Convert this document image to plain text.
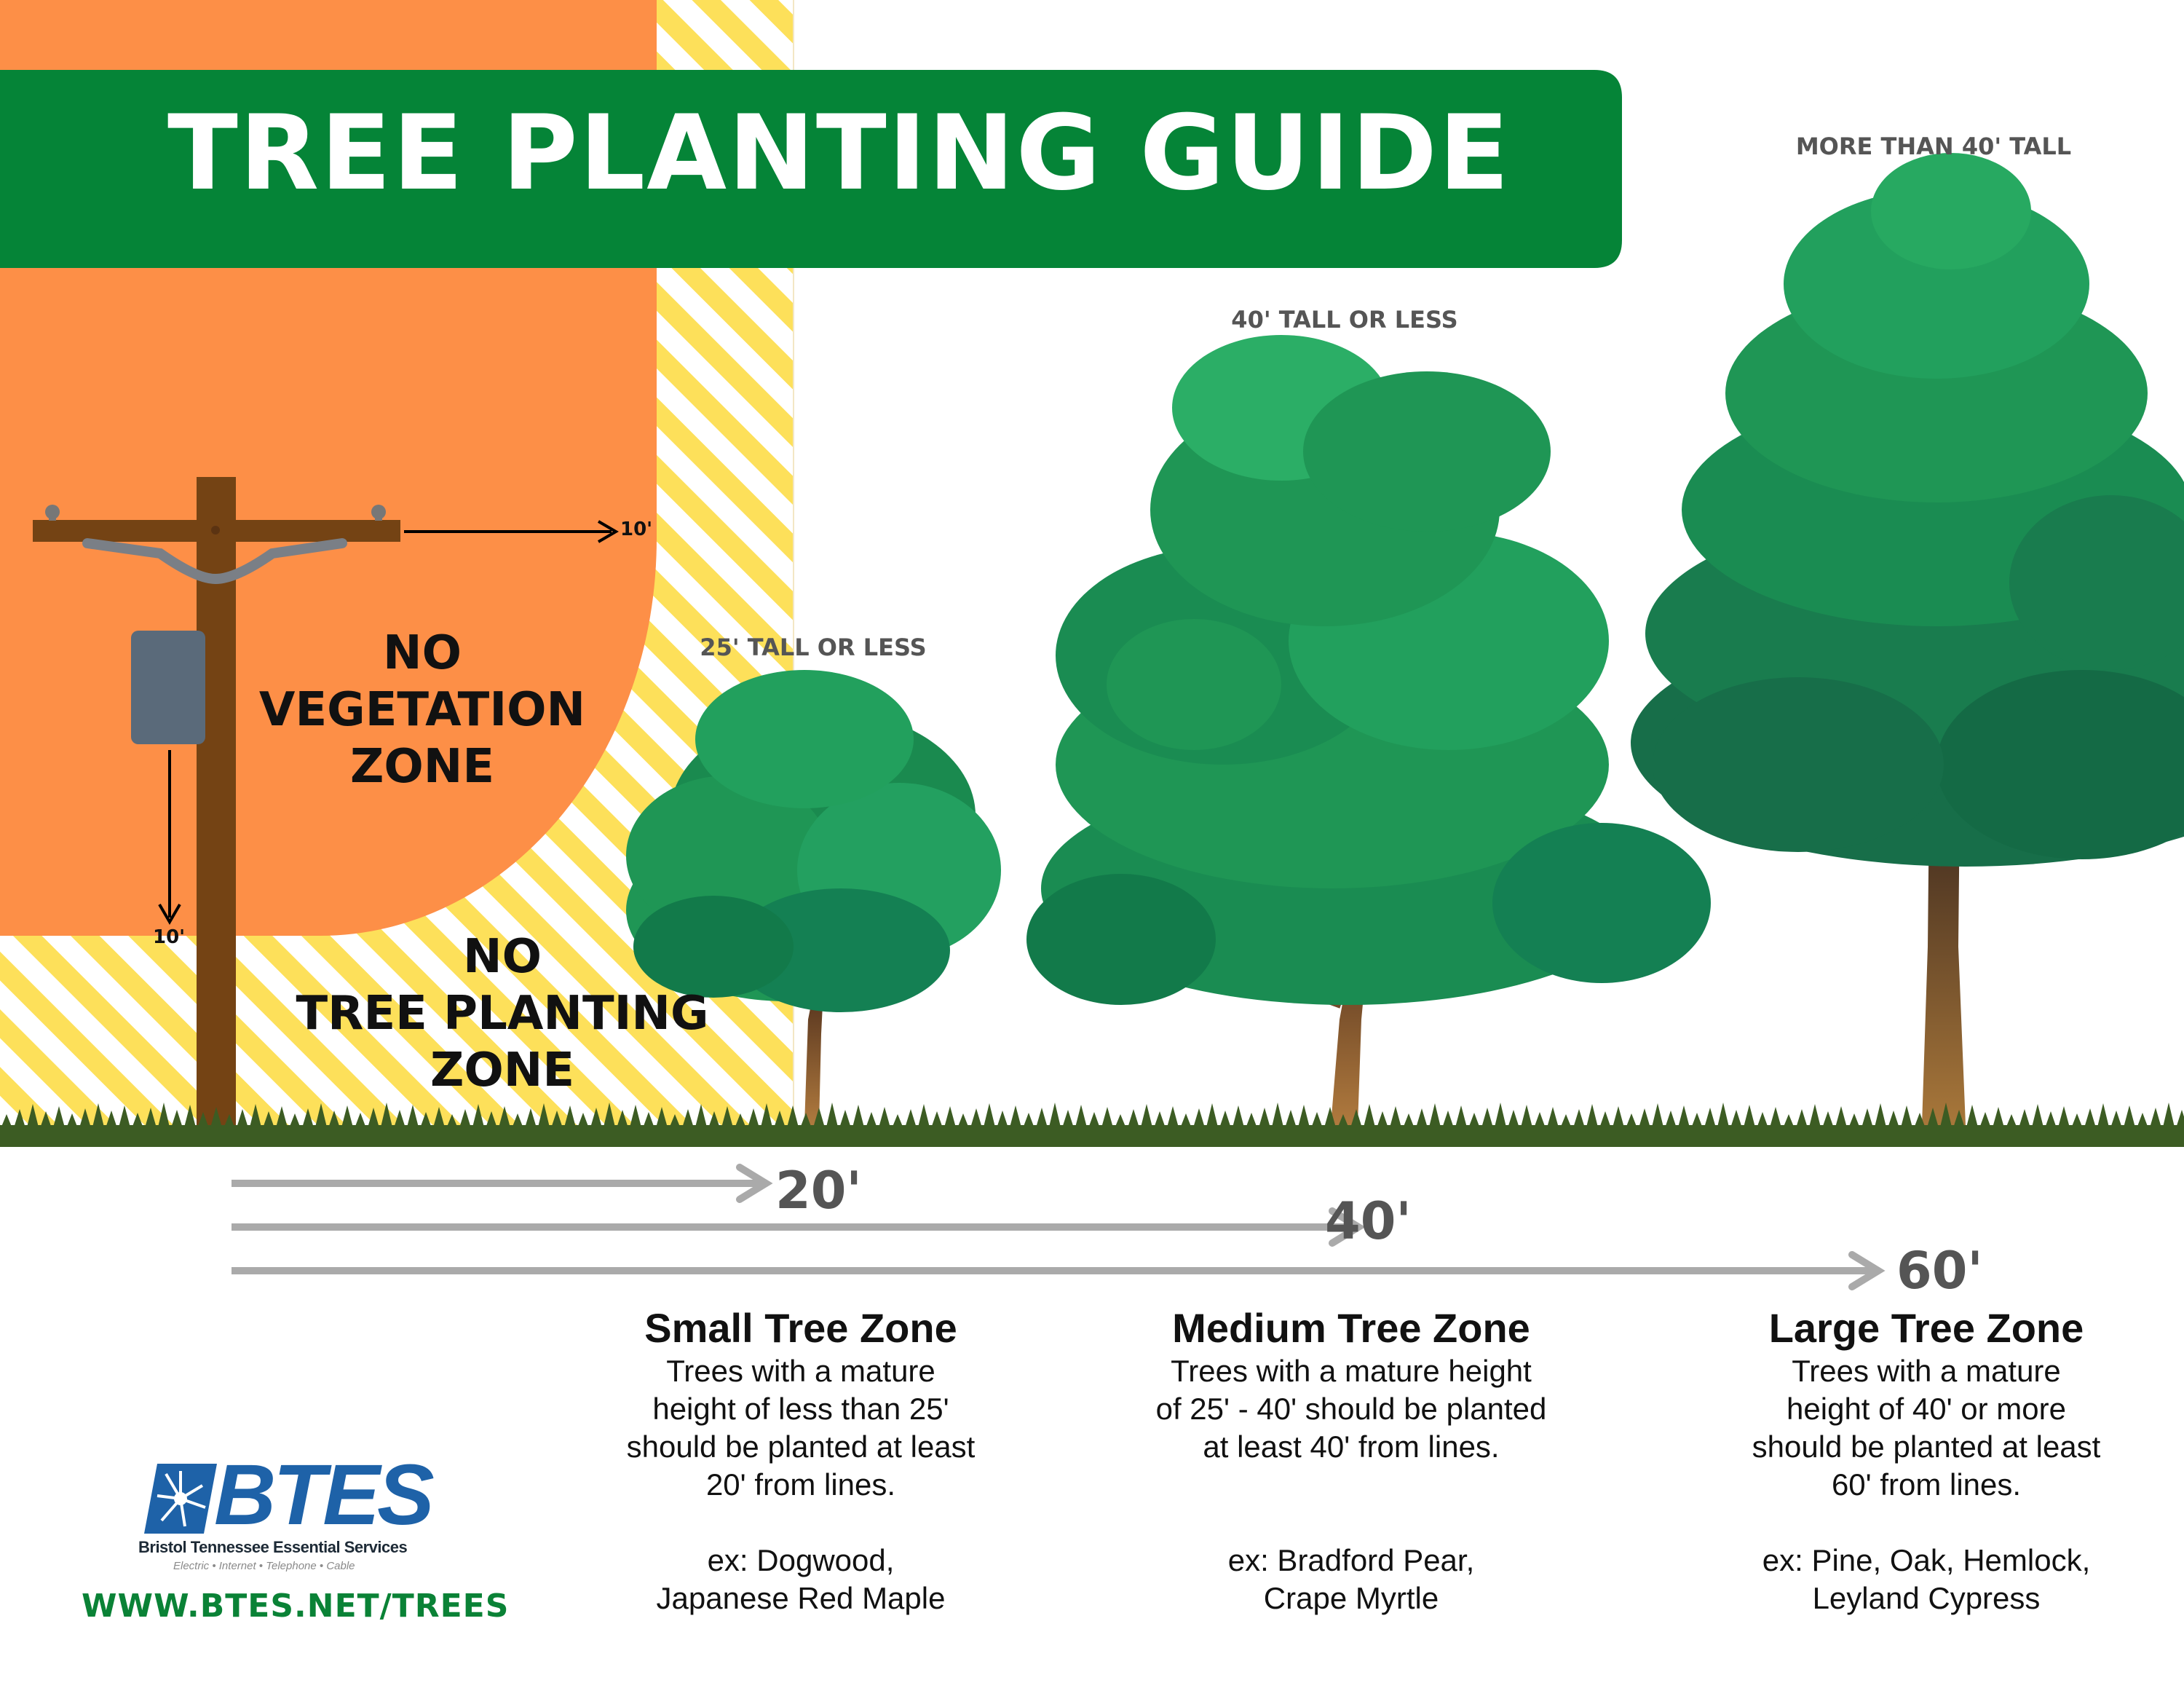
TREE PLANTING GUIDE
25' TALL OR LESS
40' TALL OR LESS
MORE THAN 40' TALL
10'
10'
NO
VEGETATION
ZONE
NO
TREE PLANTING
ZONE
20'
40'
60'
Small Tree Zone
Trees with a mature
height of less than 25'
should be planted at least
20' from lines.
ex: Dogwood,
Japanese Red Maple
Medium Tree Zone
Trees with a mature height
of 25' - 40' should be planted
at least 40' from lines.
ex: Bradford Pear,
Crape Myrtle
Large Tree Zone
Trees with a mature
height of 40' or more
should be planted at least
60' from lines.
ex: Pine, Oak, Hemlock,
Leyland Cypress
BTES
Bristol Tennessee Essential Services
Electric • Internet • Telephone • Cable
WWW.BTES.NET/TREES
